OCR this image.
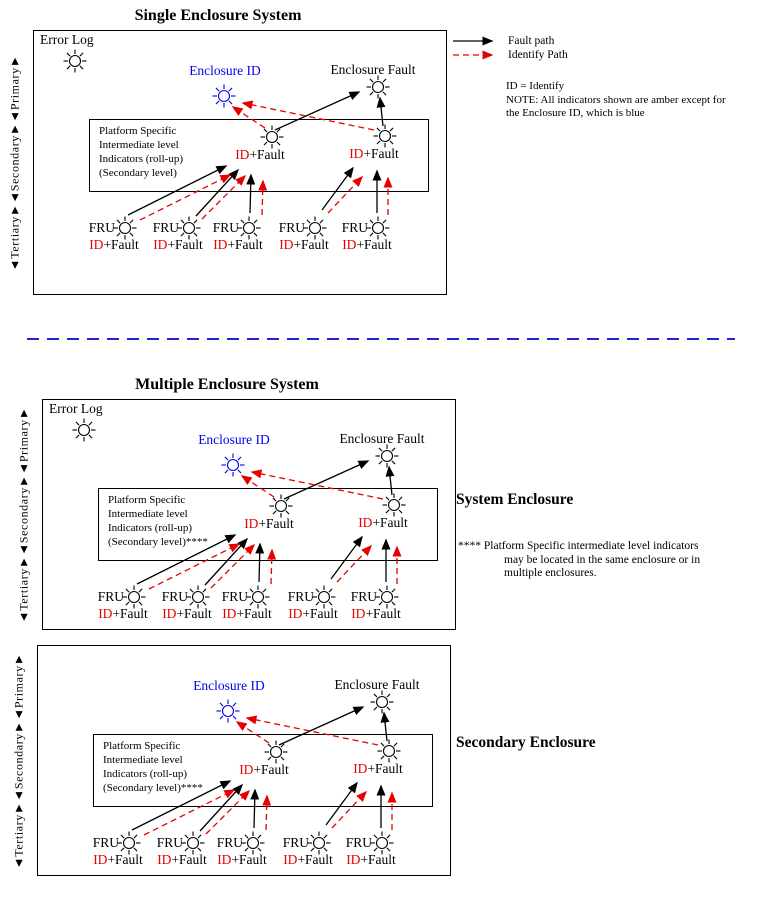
Fault path
Identify Path
ID = Identify
NOTE: All indicators shown are amber except for
the Enclosure ID, which is blue
Single Enclosure System
◄Tertiary►◄Secondary►◄Primary►
Error Log
Enclosure ID	Enclosure Fault
Platform Specific
Intermediate level
Indicators (roll-up)
(Secondary level)
ID+Fault	ID+Fault
FRU	FRU	FRU	FRU	FRU
ID+Fault	ID+Fault ID+Fault	ID+Fault ID+Fault
Multiple Enclosure System
◄Tertiary►◄Secondary►◄Primary► Error Log
Enclosure ID	Enclosure Fault
Platform Specific
Intermediate level
Indicators (roll-up)
(Secondary level)****
ID+Fault	ID+Fault
FRU	FRU	FRU	FRU	FRU
ID+Fault	ID+Fault ID+Fault	ID+Fault ID+Fault
System Enclosure
**** Platform Specific intermediate level indicators
may be located in the same enclosure or in
multiple enclosures.
◄Tertiary►◄Secondary►◄Primary►	Enclosure ID	Enclosure Fault
Platform Specific
Intermediate level
Indicators (roll-up)
(Secondary level)****
ID+Fault	ID+Fault
FRU	FRU	FRU	FRU	FRU
ID+Fault	ID+Fault ID+Fault	ID+Fault ID+Fault
Secondary Enclosure
